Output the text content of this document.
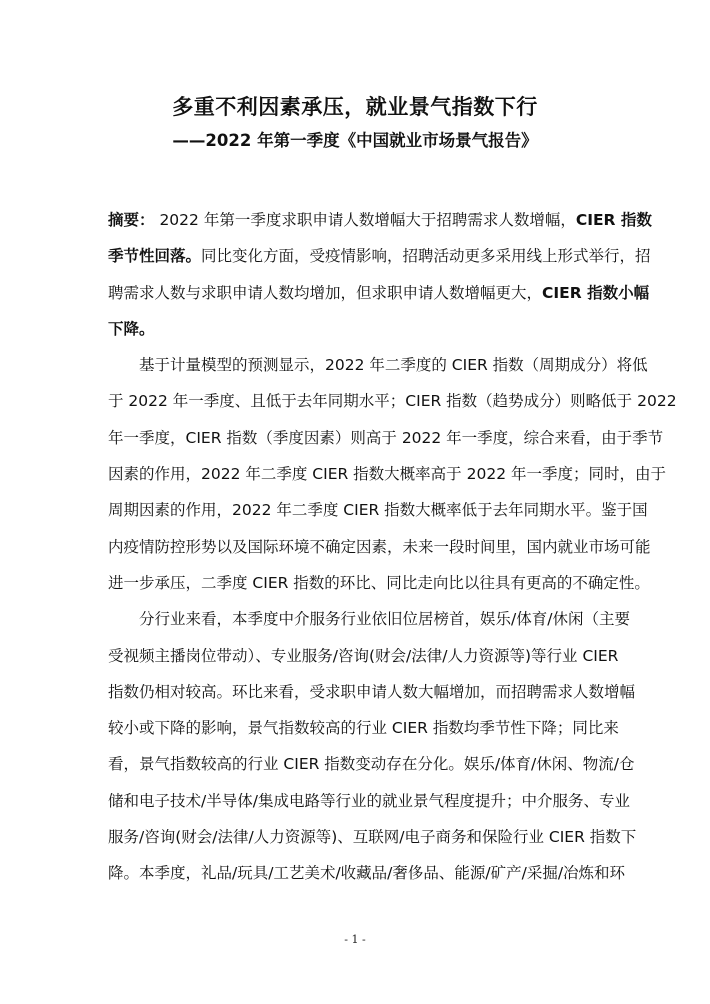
多重不利因素承压，就业景气指数下行
——2022 年第一季度《中国就业市场景气报告》
摘要： 2022 年第一季度求职申请人数增幅大于招聘需求人数增幅，CIER 指数
季节性回落。同比变化方面，受疫情影响，招聘活动更多采用线上形式举行，招
聘需求人数与求职申请人数均增加，但求职申请人数增幅更大，CIER 指数小幅
下降。
基于计量模型的预测显示，2022 年二季度的 CIER 指数（周期成分）将低
于 2022 年一季度、且低于去年同期水平；CIER 指数（趋势成分）则略低于 2022
年一季度，CIER 指数（季度因素）则高于 2022 年一季度，综合来看，由于季节
因素的作用，2022 年二季度 CIER 指数大概率高于 2022 年一季度；同时，由于
周期因素的作用，2022 年二季度 CIER 指数大概率低于去年同期水平。鉴于国
内疫情防控形势以及国际环境不确定因素，未来一段时间里，国内就业市场可能
进一步承压，二季度 CIER 指数的环比、同比走向比以往具有更高的不确定性。
分行业来看，本季度中介服务行业依旧位居榜首，娱乐/体育/休闲（主要
受视频主播岗位带动）、专业服务/咨询(财会/法律/人力资源等)等行业 CIER
指数仍相对较高。环比来看，受求职申请人数大幅增加，而招聘需求人数增幅
较小或下降的影响，景气指数较高的行业 CIER 指数均季节性下降；同比来
看，景气指数较高的行业 CIER 指数变动存在分化。娱乐/体育/休闲、物流/仓
储和电子技术/半导体/集成电路等行业的就业景气程度提升；中介服务、专业
服务/咨询(财会/法律/人力资源等)、互联网/电子商务和保险行业 CIER 指数下
降。本季度，礼品/玩具/工艺美术/收藏品/奢侈品、能源/矿产/采掘/冶炼和环
- 1 -
